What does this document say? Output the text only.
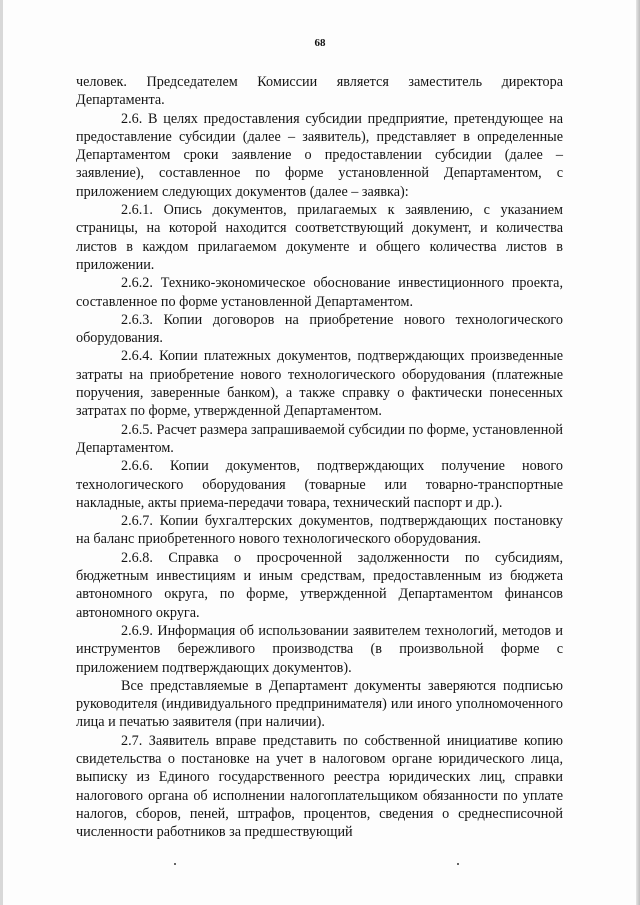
68

человек. Председателем Комиссии является заместитель директора Департамента.

2.6. В целях предоставления субсидии предприятие, претендующее на предоставление субсидии (далее – заявитель), представляет в определенные Департаментом сроки заявление о предоставлении субсидии (далее – заявление), составленное по форме установленной Департаментом, с приложением следующих документов (далее – заявка):

2.6.1. Опись документов, прилагаемых к заявлению, с указанием страницы, на которой находится соответствующий документ, и количества листов в каждом прилагаемом документе и общего количества листов в приложении.

2.6.2. Технико-экономическое обоснование инвестиционного проекта, составленное по форме установленной Департаментом.

2.6.3. Копии договоров на приобретение нового технологического оборудования.

2.6.4. Копии платежных документов, подтверждающих произведенные затраты на приобретение нового технологического оборудования (платежные поручения, заверенные банком), а также справку о фактически понесенных затратах по форме, утвержденной Департаментом.

2.6.5. Расчет размера запрашиваемой субсидии по форме, установленной Департаментом.

2.6.6. Копии документов, подтверждающих получение нового технологического оборудования (товарные или товарно-транспортные накладные, акты приема-передачи товара, технический паспорт и др.).

2.6.7. Копии бухгалтерских документов, подтверждающих постановку на баланс приобретенного нового технологического оборудования.

2.6.8. Справка о просроченной задолженности по субсидиям, бюджетным инвестициям и иным средствам, предоставленным из бюджета автономного округа, по форме, утвержденной Департаментом финансов автономного округа.

2.6.9. Информация об использовании заявителем технологий, методов и инструментов бережливого производства (в произвольной форме с приложением подтверждающих документов).

Все представляемые в Департамент документы заверяются подписью руководителя (индивидуального предпринимателя) или иного уполномоченного лица и печатью заявителя (при наличии).

2.7. Заявитель вправе представить по собственной инициативе копию свидетельства о постановке на учет в налоговом органе юридического лица, выписку из Единого государственного реестра юридических лиц, справки налогового органа об исполнении налогоплательщиком обязанности по уплате налогов, сборов, пеней, штрафов, процентов, сведения о среднесписочной численности работников за предшествующий
